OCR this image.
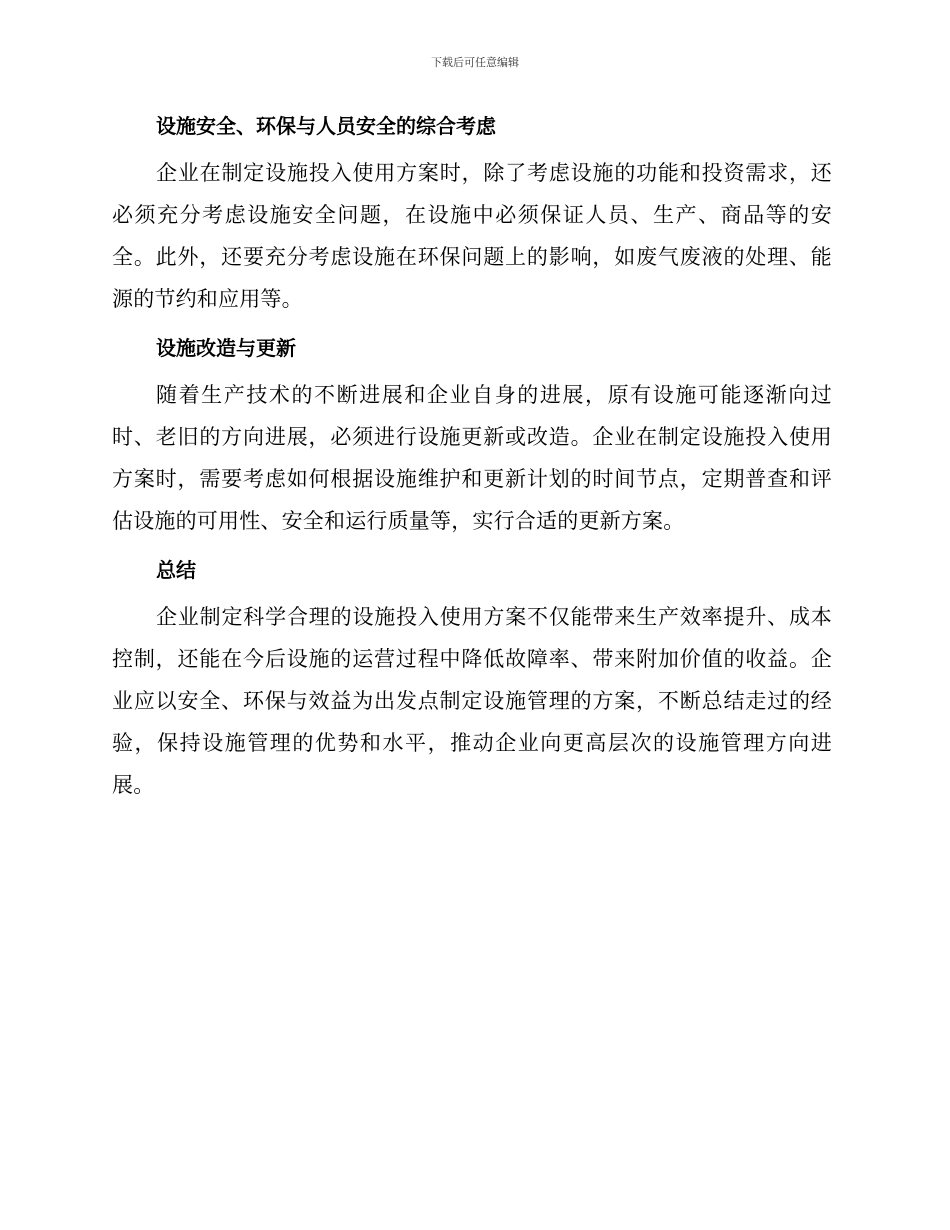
下载后可任意编辑
设施安全、环保与人员安全的综合考虑

企业在制定设施投入使用方案时，除了考虑设施的功能和投资需求，还必须充分考虑设施安全问题，在设施中必须保证人员、生产、商品等的安全。此外，还要充分考虑设施在环保问题上的影响，如废气废液的处理、能源的节约和应用等。

设施改造与更新

随着生产技术的不断进展和企业自身的进展，原有设施可能逐渐向过时、老旧的方向进展，必须进行设施更新或改造。企业在制定设施投入使用方案时，需要考虑如何根据设施维护和更新计划的时间节点，定期普查和评估设施的可用性、安全和运行质量等，实行合适的更新方案。

总结

企业制定科学合理的设施投入使用方案不仅能带来生产效率提升、成本控制，还能在今后设施的运营过程中降低故障率、带来附加价值的收益。企业应以安全、环保与效益为出发点制定设施管理的方案，不断总结走过的经验，保持设施管理的优势和水平，推动企业向更高层次的设施管理方向进展。
